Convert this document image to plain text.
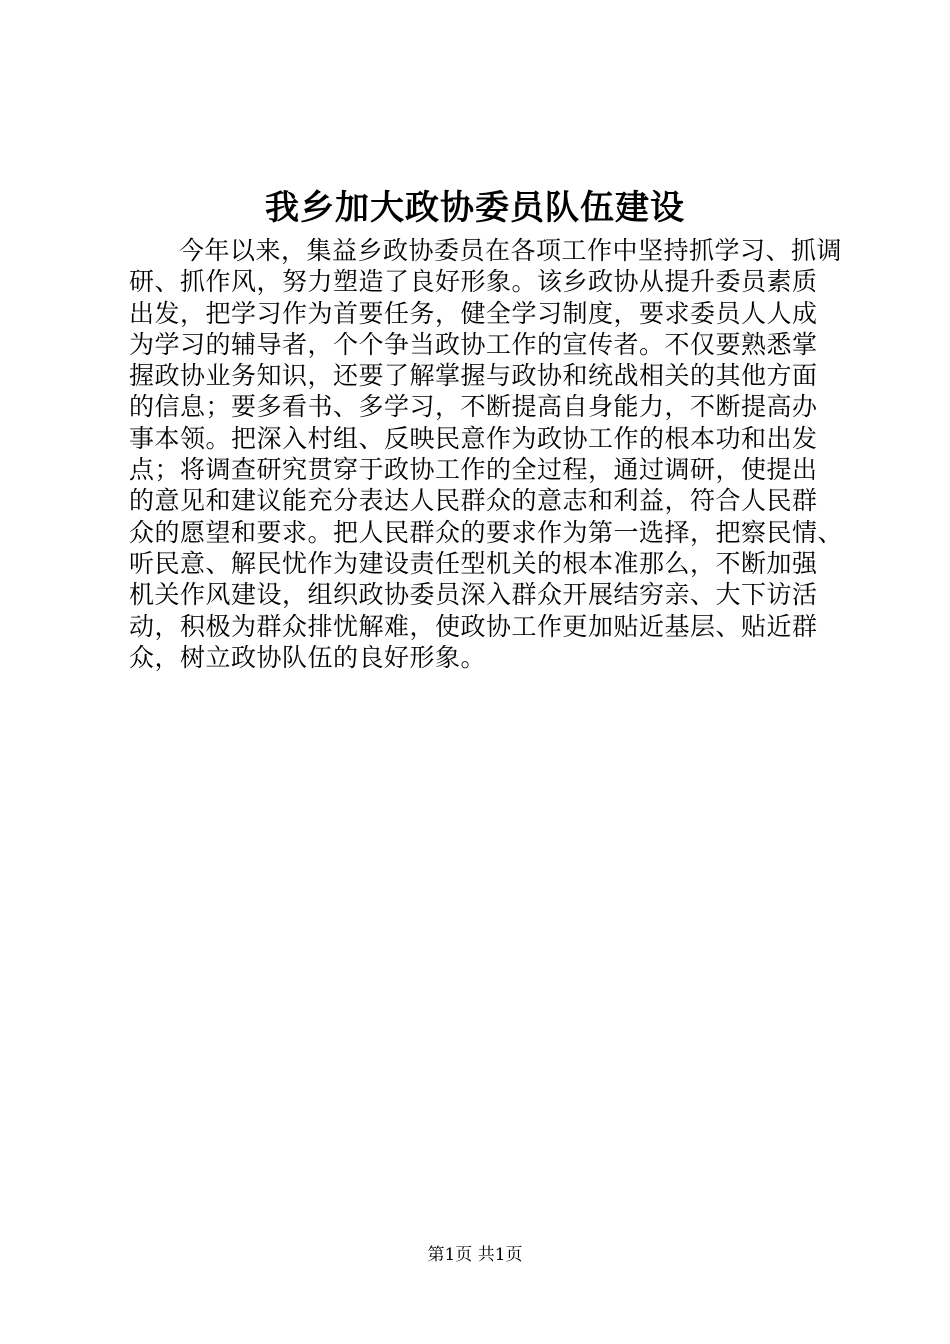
我乡加大政协委员队伍建设
今年以来，集益乡政协委员在各项工作中坚持抓学习、抓调
研、抓作风，努力塑造了良好形象。该乡政协从提升委员素质
出发，把学习作为首要任务，健全学习制度，要求委员人人成
为学习的辅导者，个个争当政协工作的宣传者。不仅要熟悉掌
握政协业务知识，还要了解掌握与政协和统战相关的其他方面
的信息；要多看书、多学习，不断提高自身能力，不断提高办
事本领。把深入村组、反映民意作为政协工作的根本功和出发
点；将调查研究贯穿于政协工作的全过程，通过调研，使提出
的意见和建议能充分表达人民群众的意志和利益，符合人民群
众的愿望和要求。把人民群众的要求作为第一选择，把察民情、
听民意、解民忧作为建设责任型机关的根本准那么，不断加强
机关作风建设，组织政协委员深入群众开展结穷亲、大下访活
动，积极为群众排忧解难，使政协工作更加贴近基层、贴近群
众，树立政协队伍的良好形象。
第1页 共1页
